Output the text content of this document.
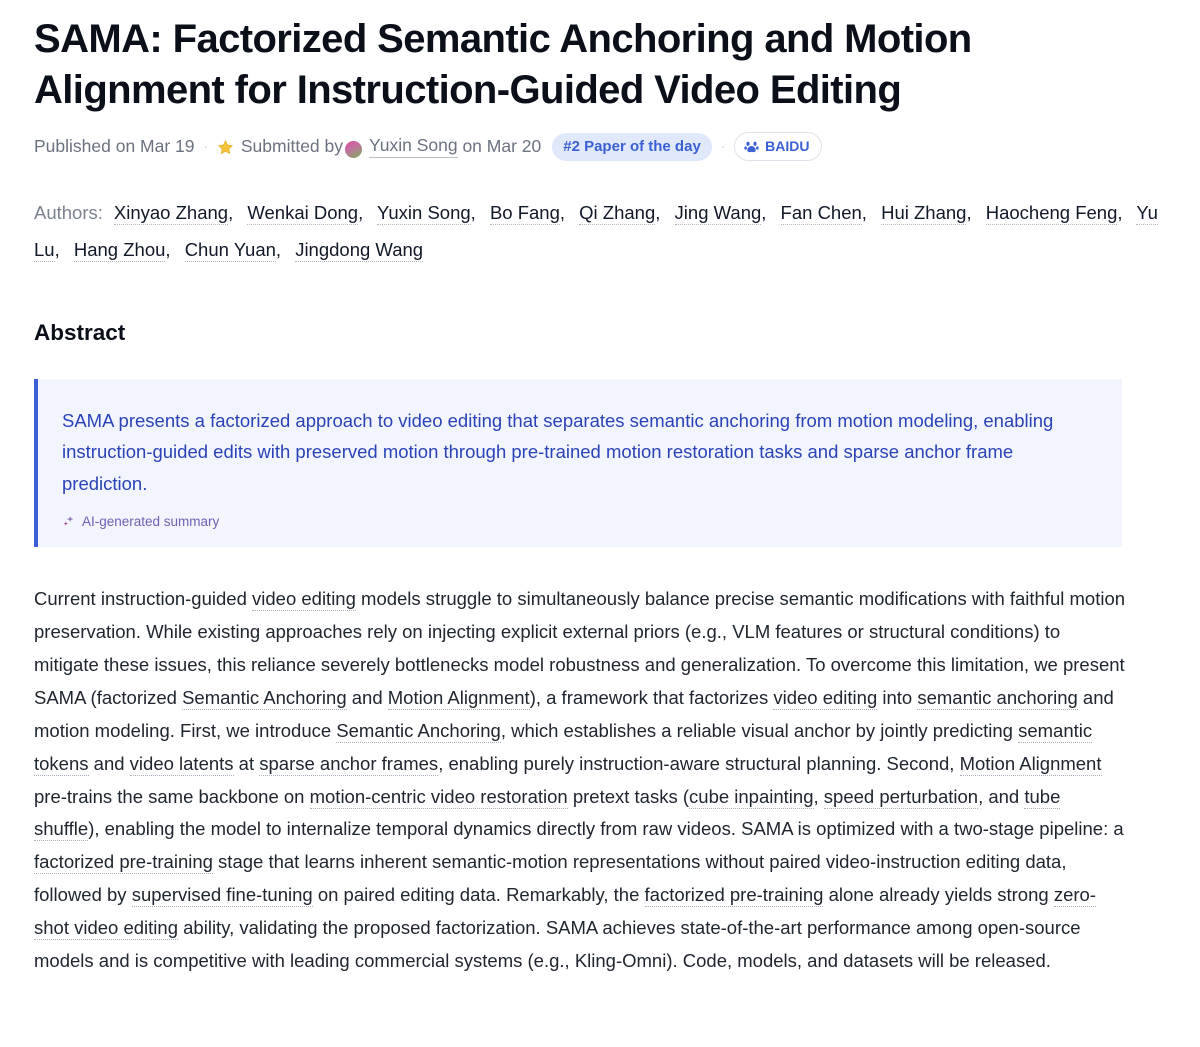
SAMA: Factorized Semantic Anchoring and Motion Alignment for Instruction-Guided Video Editing
Published on Mar 19 · Submitted by Yuxin Song
on Mar 20	#2 Paper of the day	·	BAIDU
Authors: Xinyao Zhang, Wenkai Dong, Yuxin Song, Bo Fang, Qi Zhang, Jing Wang, Fan Chen, Hui Zhang, Haocheng Feng, Yu Lu, Hang Zhou, Chun Yuan, Jingdong Wang
Abstract

SAMA presents a factorized approach to video editing that separates semantic anchoring from motion modeling, enabling instruction-guided edits with preserved motion through pre-trained motion restoration tasks and sparse anchor frame prediction.

AI-generated summary
Current instruction-guided video editing models struggle to simultaneously balance precise semantic modifications with faithful motion preservation. While existing approaches rely on injecting explicit external priors (e.g., VLM features or structural conditions) to mitigate these issues, this reliance severely bottlenecks model robustness and generalization. To overcome this limitation, we present SAMA (factorized Semantic Anchoring and Motion Alignment), a framework that factorizes video editing into semantic anchoring and motion modeling. First, we introduce Semantic Anchoring, which establishes a reliable visual anchor by jointly predicting semantic tokens and video latents at sparse anchor frames, enabling purely instruction-aware structural planning. Second, Motion Alignment pre-trains the same backbone on motion-centric video restoration pretext tasks (cube inpainting, speed perturbation, and tube shuffle), enabling the model to internalize temporal dynamics directly from raw videos. SAMA is optimized with a two-stage pipeline: a factorized pre-training stage that learns inherent semantic-motion representations without paired video-instruction editing data, followed by supervised fine-tuning on paired editing data. Remarkably, the factorized pre-training alone already yields strong zero-shot video editing ability, validating the proposed factorization. SAMA achieves state-of-the-art performance among open-source models and is competitive with leading commercial systems (e.g., Kling-Omni). Code, models, and datasets will be released.
